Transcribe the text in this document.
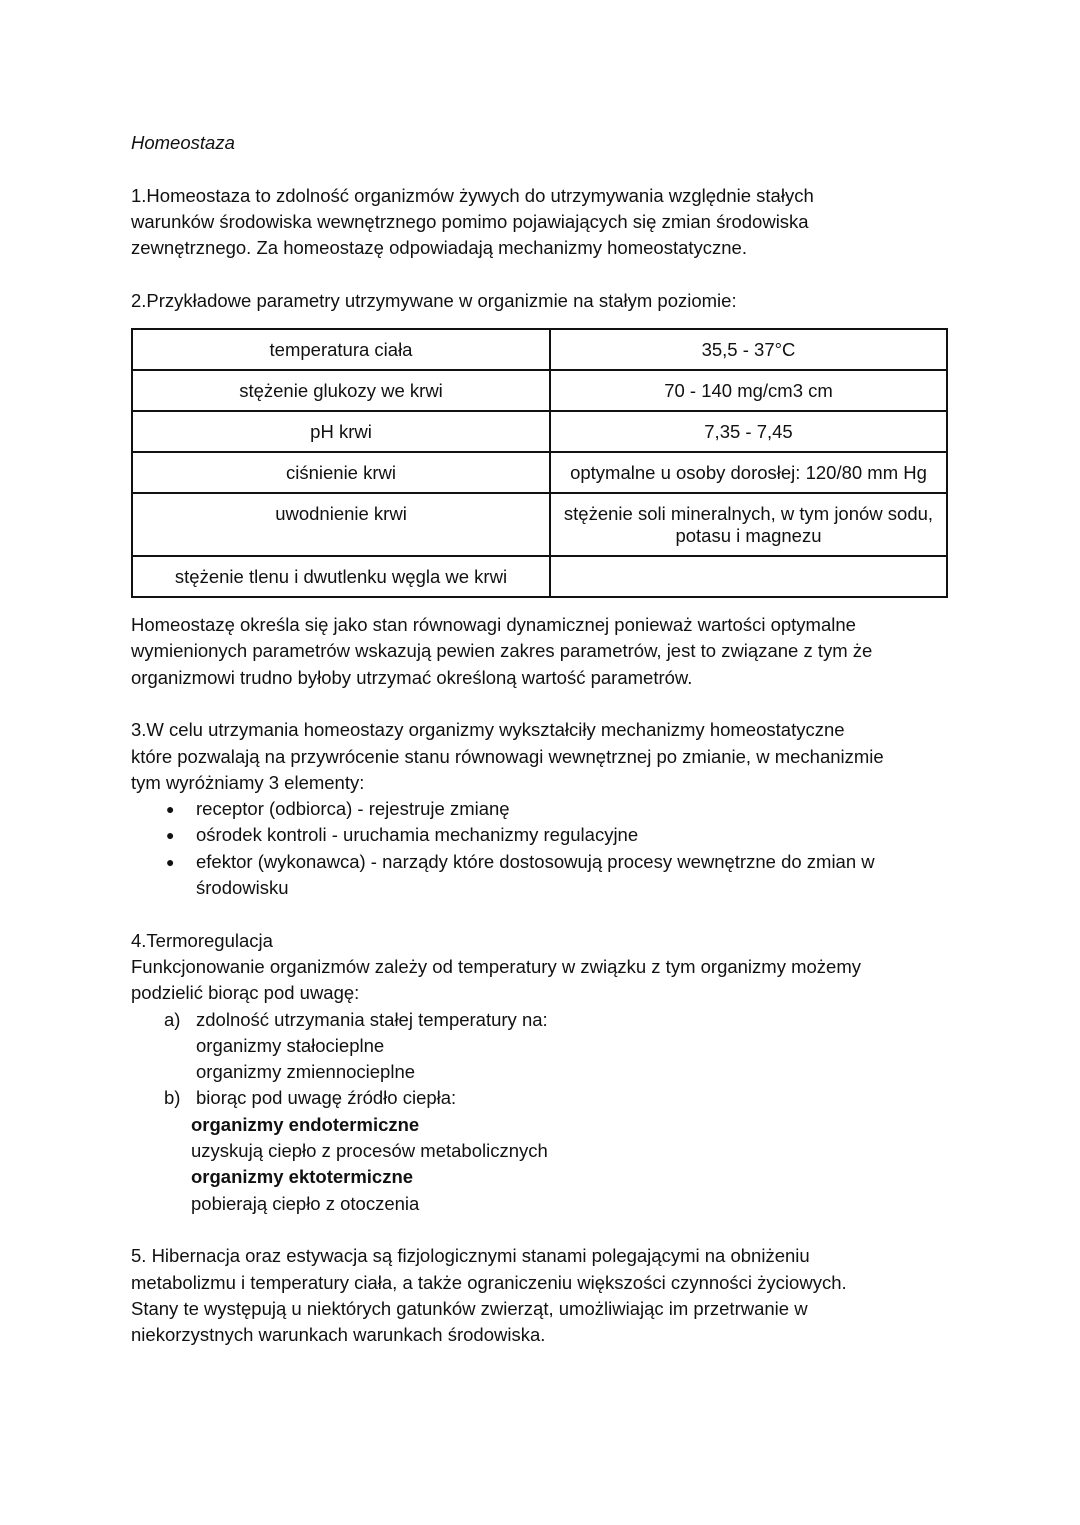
Homeostaza
1.Homeostaza to zdolność organizmów żywych do utrzymywania względnie stałych
warunków środowiska wewnętrznego pomimo pojawiających się zmian środowiska
zewnętrznego. Za homeostazę odpowiadają mechanizmy homeostatyczne.
2.Przykładowe parametry utrzymywane w organizmie na stałym poziomie:
temperatura ciała	35,5 - 37°C
stężenie glukozy we krwi	70 - 140 mg/cm3 cm
pH krwi	7,35 - 7,45
ciśnienie krwi	optymalne u osoby dorosłej: 120/80 mm Hg
uwodnienie krwi	stężenie soli mineralnych, w tym jonów sodu, potasu i magnezu
stężenie tlenu i dwutlenku węgla we krwi	
Homeostazę określa się jako stan równowagi dynamicznej ponieważ wartości optymalne
wymienionych parametrów wskazują pewien zakres parametrów, jest to związane z tym że
organizmowi trudno byłoby utrzymać określoną wartość parametrów.
3.W celu utrzymania homeostazy organizmy wykształciły mechanizmy homeostatyczne
które pozwalają na przywrócenie stanu równowagi wewnętrznej po zmianie, w mechanizmie
tym wyróżniamy 3 elementy:
● receptor (odbiorca) - rejestruje zmianę
● ośrodek kontroli - uruchamia mechanizmy regulacyjne
● efektor (wykonawca) - narządy które dostosowują procesy wewnętrzne do zmian w środowisku
4.Termoregulacja
Funkcjonowanie organizmów zależy od temperatury w związku z tym organizmy możemy
podzielić biorąc pod uwagę:
a) zdolność utrzymania stałej temperatury na:
organizmy stałocieplne
organizmy zmiennocieplne
b) biorąc pod uwagę źródło ciepła:
organizmy endotermiczne
uzyskują ciepło z procesów metabolicznych
organizmy ektotermiczne
pobierają ciepło z otoczenia
5. Hibernacja oraz estywacja są fizjologicznymi stanami polegającymi na obniżeniu
metabolizmu i temperatury ciała, a także ograniczeniu większości czynności życiowych.
Stany te występują u niektórych gatunków zwierząt, umożliwiając im przetrwanie w
niekorzystnych warunkach warunkach środowiska.
